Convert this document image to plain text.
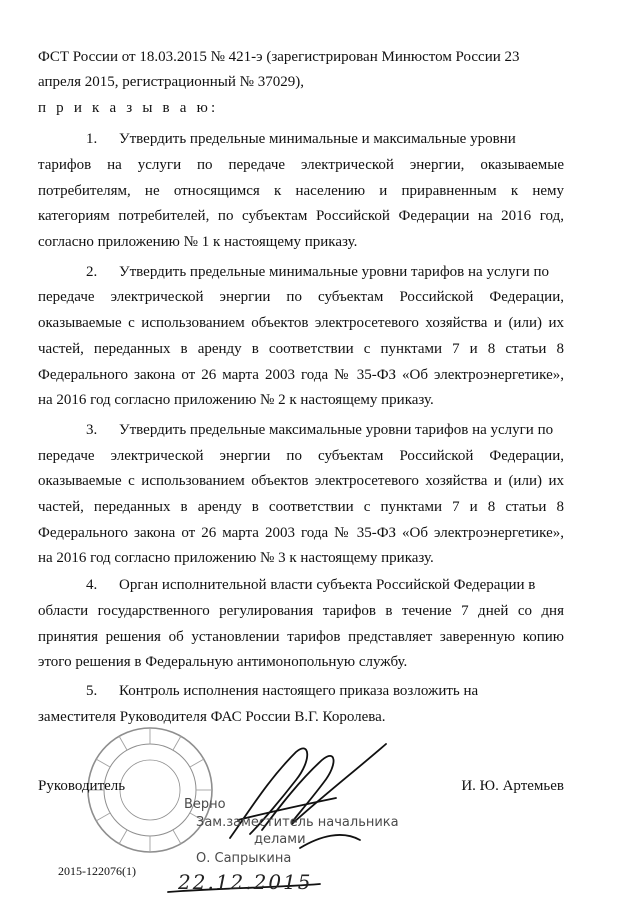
ФСТ России от 18.03.2015 № 421-э (зарегистрирован Минюстом России 23
апреля 2015, регистрационный № 37029),
п р и к а з ы в а ю:
1. Утвердить предельные минимальные и максимальные уровни
тарифов на услуги по передаче электрической энергии, оказываемые
потребителям, не относящимся к населению и приравненным к нему
категориям потребителей, по субъектам Российской Федерации на 2016 год,
согласно приложению № 1 к настоящему приказу.
2. Утвердить предельные минимальные уровни тарифов на услуги по
передаче электрической энергии по субъектам Российской Федерации,
оказываемые с использованием объектов электросетевого хозяйства и (или) их
частей, переданных в аренду в соответствии с пунктами 7 и 8 статьи 8
Федерального закона от 26 марта 2003 года № 35-ФЗ «Об электроэнергетике»,
на 2016 год согласно приложению № 2 к настоящему приказу.
3. Утвердить предельные максимальные уровни тарифов на услуги по
передаче электрической энергии по субъектам Российской Федерации,
оказываемые с использованием объектов электросетевого хозяйства и (или) их
частей, переданных в аренду в соответствии с пунктами 7 и 8 статьи 8
Федерального закона от 26 марта 2003 года № 35-ФЗ «Об электроэнергетике»,
на 2016 год согласно приложению № 3 к настоящему приказу.
4. Орган исполнительной власти субъекта Российской Федерации в
области государственного регулирования тарифов в течение 7 дней со дня
принятия решения об установлении тарифов представляет заверенную копию
этого решения в Федеральную антимонопольную службу.
5. Контроль исполнения настоящего приказа возложить на
заместителя Руководителя ФАС России В.Г. Королева.
Руководитель	И. Ю. Артемьев
Верно
Зам.заместитель начальника
делами
О. Сапрыкина
22.12.2015
2015-122076(1)
